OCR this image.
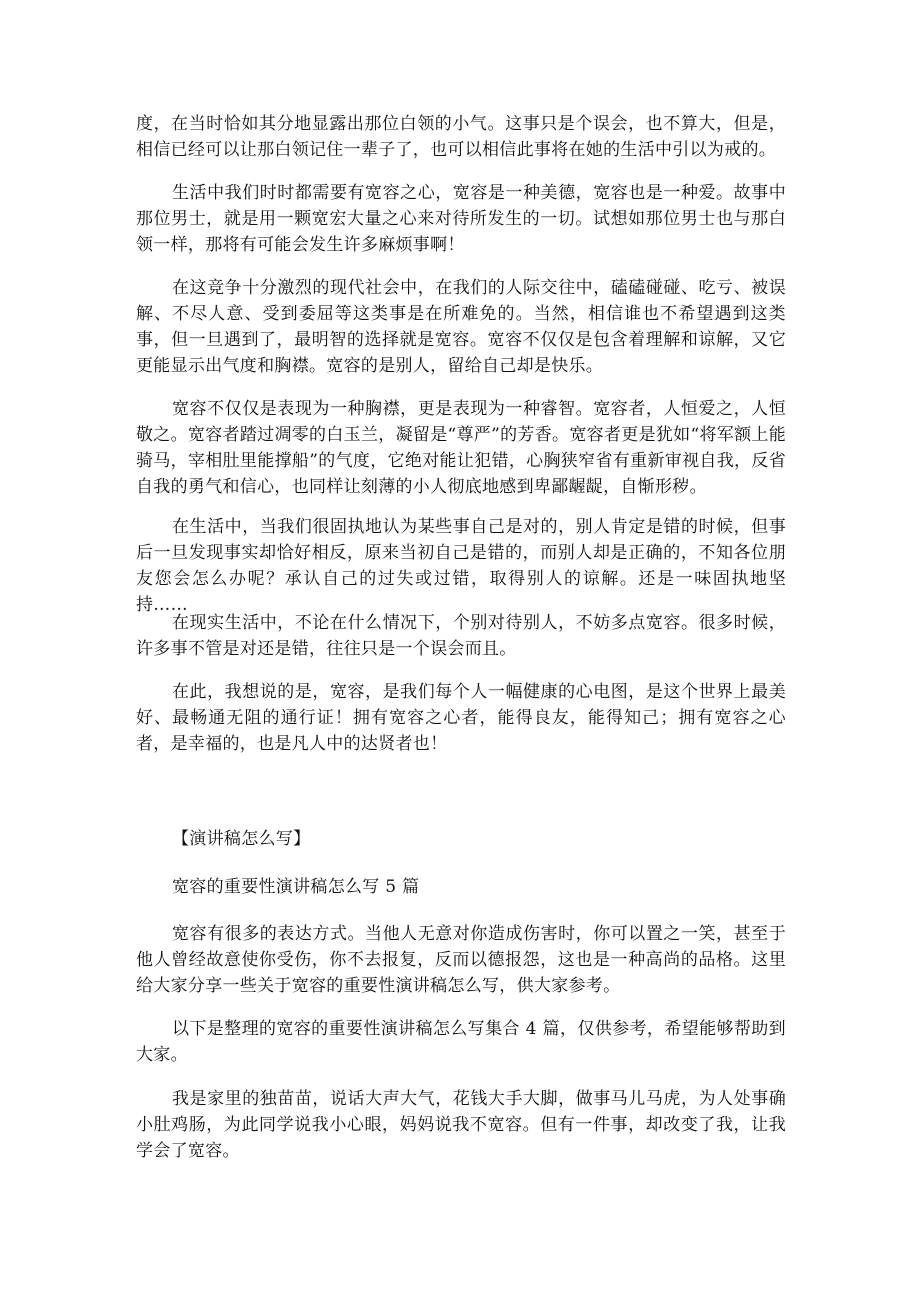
度，在当时恰如其分地显露出那位白领的小气。这事只是个误会，也不算大，但是，相信已经可以让那白领记住一辈子了，也可以相信此事将在她的生活中引以为戒的。

生活中我们时时都需要有宽容之心，宽容是一种美德，宽容也是一种爱。故事中那位男士，就是用一颗宽宏大量之心来对待所发生的一切。试想如那位男士也与那白领一样，那将有可能会发生许多麻烦事啊！

在这竞争十分激烈的现代社会中，在我们的人际交往中，磕磕碰碰、吃亏、被误解、不尽人意、受到委屈等这类事是在所难免的。当然，相信谁也不希望遇到这类事，但一旦遇到了，最明智的选择就是宽容。宽容不仅仅是包含着理解和谅解，又它更能显示出气度和胸襟。宽容的是别人，留给自己却是快乐。

宽容不仅仅是表现为一种胸襟，更是表现为一种睿智。宽容者，人恒爱之，人恒敬之。宽容者踏过凋零的白玉兰，凝留是“尊严”的芳香。宽容者更是犹如“将军额上能骑马，宰相肚里能撑船”的气度，它绝对能让犯错，心胸狭窄省有重新审视自我，反省自我的勇气和信心，也同样让刻薄的小人彻底地感到卑鄙龌龊，自惭形秽。

在生活中，当我们很固执地认为某些事自己是对的，别人肯定是错的时候，但事后一旦发现事实却恰好相反，原来当初自己是错的，而别人却是正确的，不知各位朋友您会怎么办呢？承认自己的过失或过错，取得别人的谅解。还是一味固执地坚持……

在现实生活中，不论在什么情况下，个别对待别人，不妨多点宽容。很多时候，许多事不管是对还是错，往往只是一个误会而且。

在此，我想说的是，宽容，是我们每个人一幅健康的心电图，是这个世界上最美好、最畅通无阻的通行证！拥有宽容之心者，能得良友，能得知己；拥有宽容之心者，是幸福的，也是凡人中的达贤者也！

【演讲稿怎么写】

宽容的重要性演讲稿怎么写 5 篇

宽容有很多的表达方式。当他人无意对你造成伤害时，你可以置之一笑，甚至于他人曾经故意使你受伤，你不去报复，反而以德报怨，这也是一种高尚的品格。这里给大家分享一些关于宽容的重要性演讲稿怎么写，供大家参考。

以下是整理的宽容的重要性演讲稿怎么写集合 4 篇，仅供参考，希望能够帮助到大家。

我是家里的独苗苗，说话大声大气，花钱大手大脚，做事马儿马虎，为人处事确小肚鸡肠，为此同学说我小心眼，妈妈说我不宽容。但有一件事，却改变了我，让我学会了宽容。
